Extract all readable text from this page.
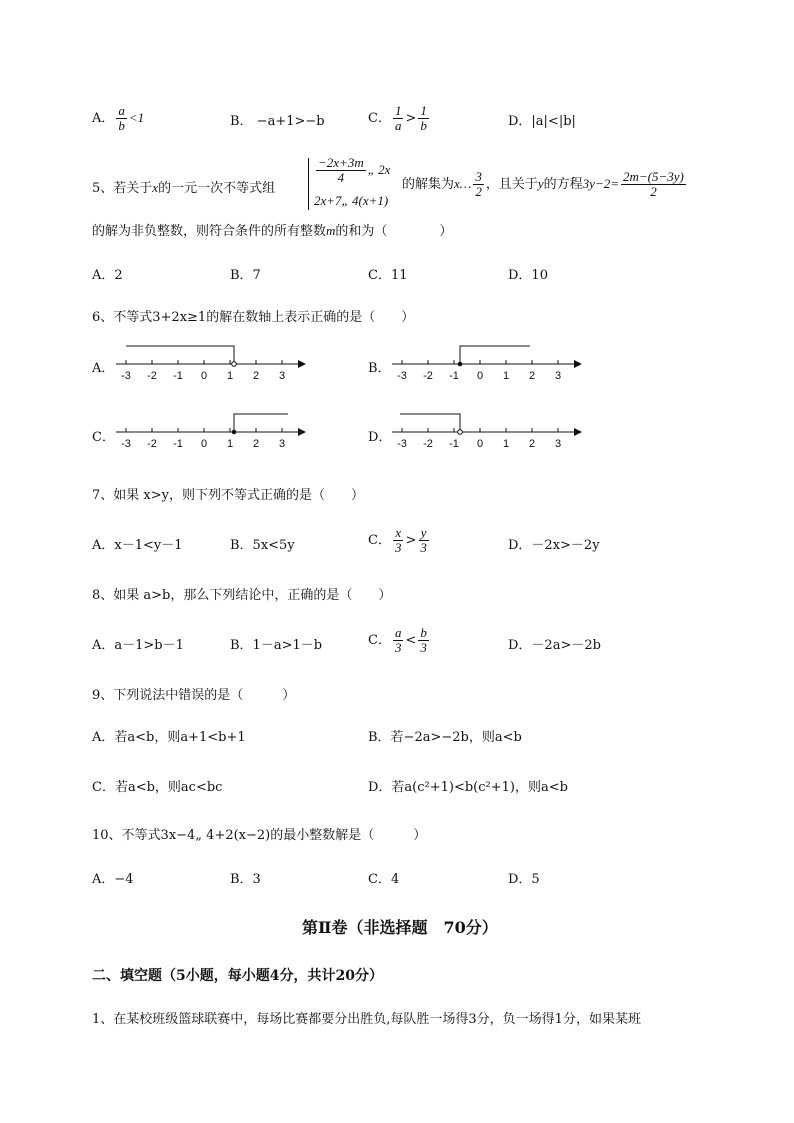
A． $\frac{a}{b} <1$	B． −a+1>−b	C． $\frac{1}{a} > \frac{1}{b}$	D．|a|<|b|
5、若关于x的一元一次不等式组
$\frac{-2x+3m}{4}$ „ 2x
2x+7„ 4(x+1)
的解集为x… $\frac{3}{2}$ ，且关于y的方程$3y-2= \frac{2m-(5-3y)}{2}$
的解为非负整数，则符合条件的所有整数m的和为（　　　　）
A．2	B．7	C．11	D．10
6、不等式3+2x≥1的解在数轴上表示正确的是（　　）
A．	B．
C．	D．
-3 -2 -1 0 1 2 3	-3 -2 -1 0 1 2 3
-3 -2 -1 0 1 2 3	-3 -2 -1 0 1 2 3
7、如果 x>y，则下列不等式正确的是（　　）
A．x－1<y－1	B．5x<5y	C． $\frac{x}{3} > \frac{y}{3}$	D．－2x>－2y
8、如果 a>b，那么下列结论中，正确的是（　　）
A．a－1>b－1	B．1－a>1－b	C． $\frac{a}{3} < \frac{b}{3}$	D．－2a>－2b
9、下列说法中错误的是（　　　）
A．若a<b，则a+1<b+1	B．若−2a>−2b，则a<b
C．若a<b，则ac<bc	D．若a(c²+1)<b(c²+1)，则a<b
10、不等式3x−4„ 4+2(x−2)的最小整数解是（　　　）
A．−4	B．3	C．4	D．5
第Ⅱ卷（非选择题　70分）
二、填空题（5小题，每小题4分，共计20分）
1、在某校班级篮球联赛中，每场比赛都要分出胜负,每队胜一场得3分，负一场得1分，如果某班
